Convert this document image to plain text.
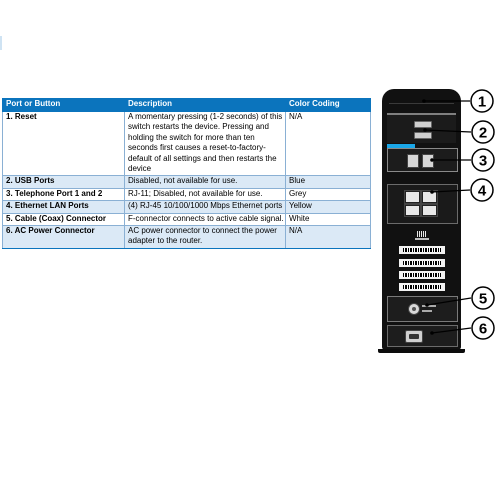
Port or Button	Description	Color Coding
1. Reset	A momentary pressing (1-2 seconds) of this switch restarts the device. Pressing and holding the switch for more than ten seconds first causes a reset-to-factory-default of all settings and then restarts the device	N/A
2. USB Ports	Disabled, not available for use.	Blue
3. Telephone Port 1 and 2	RJ-11; Disabled, not available for use.	Grey
4. Ethernet LAN Ports	(4) RJ-45 10/100/1000 Mbps Ethernet ports	Yellow
5. Cable (Coax) Connector	F-connector connects to active cable signal.	White
6. AC Power Connector	AC power connector to connect the power adapter to the router.	N/A
1
2
3
4
5
6
